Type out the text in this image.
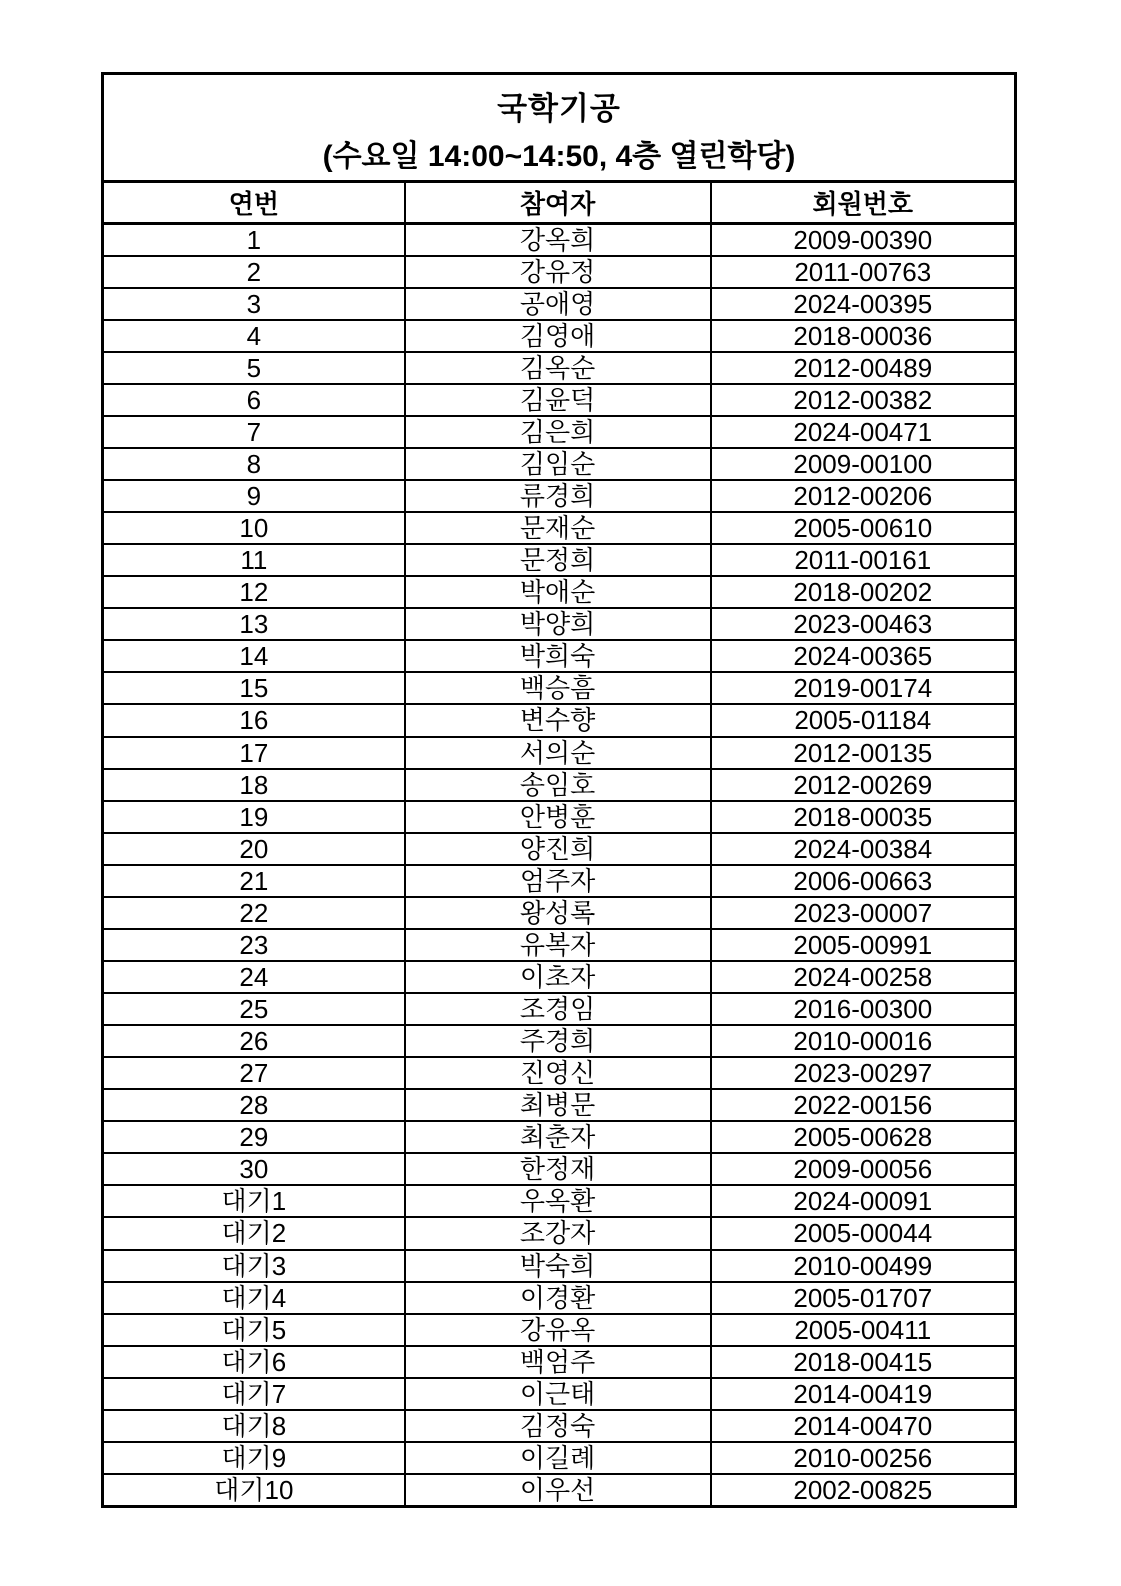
국학기공
(수요일 14:00~14:50, 4층 열린학당)		

연번	참여자	회원번호
1	강옥희	2009-00390
2	강유정	2011-00763
3	공애영	2024-00395
4	김영애	2018-00036
5	김옥순	2012-00489
6	김윤덕	2012-00382
7	김은희	2024-00471
8	김임순	2009-00100
9	류경희	2012-00206
10	문재순	2005-00610
11	문정희	2011-00161
12	박애순	2018-00202
13	박양희	2023-00463
14	박희숙	2024-00365
15	백승흠	2019-00174
16	변수향	2005-01184
17	서의순	2012-00135
18	송임호	2012-00269
19	안병훈	2018-00035
20	양진희	2024-00384
21	엄주자	2006-00663
22	왕성록	2023-00007
23	유복자	2005-00991
24	이초자	2024-00258
25	조경임	2016-00300
26	주경희	2010-00016
27	진영신	2023-00297
28	최병문	2022-00156
29	최춘자	2005-00628
30	한정재	2009-00056
대기1	우옥환	2024-00091
대기2	조강자	2005-00044
대기3	박숙희	2010-00499
대기4	이경환	2005-01707
대기5	강유옥	2005-00411
대기6	백엄주	2018-00415
대기7	이근태	2014-00419
대기8	김정숙	2014-00470
대기9	이길례	2010-00256
대기10	이우선	2002-00825
